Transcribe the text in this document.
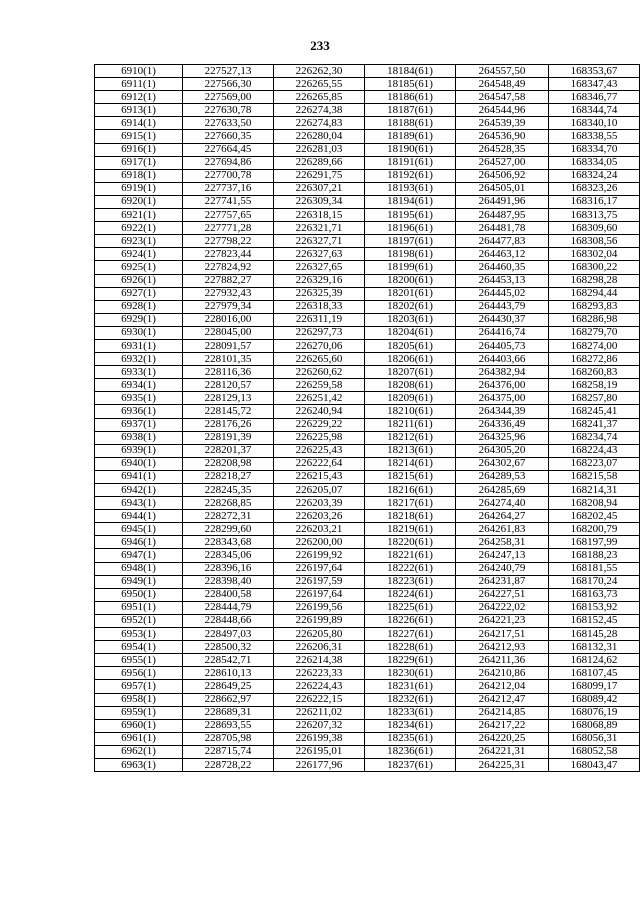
233
6910(1)	227527,13	226262,30	18184(61)	264557,50	168353,67
6911(1)	227566,30	226265,55	18185(61)	264548,49	168347,43
6912(1)	227569,00	226265,85	18186(61)	264547,58	168346,77
6913(1)	227630,78	226274,38	18187(61)	264544,96	168344,74
6914(1)	227633,50	226274,83	18188(61)	264539,39	168340,10
6915(1)	227660,35	226280,04	18189(61)	264536,90	168338,55
6916(1)	227664,45	226281,03	18190(61)	264528,35	168334,70
6917(1)	227694,86	226289,66	18191(61)	264527,00	168334,05
6918(1)	227700,78	226291,75	18192(61)	264506,92	168324,24
6919(1)	227737,16	226307,21	18193(61)	264505,01	168323,26
6920(1)	227741,55	226309,34	18194(61)	264491,96	168316,17
6921(1)	227757,65	226318,15	18195(61)	264487,95	168313,75
6922(1)	227771,28	226321,71	18196(61)	264481,78	168309,60
6923(1)	227798,22	226327,71	18197(61)	264477,83	168308,56
6924(1)	227823,44	226327,63	18198(61)	264463,12	168302,04
6925(1)	227824,92	226327,65	18199(61)	264460,35	168300,22
6926(1)	227882,27	226329,16	18200(61)	264453,13	168298,28
6927(1)	227932,43	226325,39	18201(61)	264445,02	168294,44
6928(1)	227979,34	226318,33	18202(61)	264443,79	168293,83
6929(1)	228016,00	226311,19	18203(61)	264430,37	168286,98
6930(1)	228045,00	226297,73	18204(61)	264416,74	168279,70
6931(1)	228091,57	226270,06	18205(61)	264405,73	168274,00
6932(1)	228101,35	226265,60	18206(61)	264403,66	168272,86
6933(1)	228116,36	226260,62	18207(61)	264382,94	168260,83
6934(1)	228120,57	226259,58	18208(61)	264376,00	168258,19
6935(1)	228129,13	226251,42	18209(61)	264375,00	168257,80
6936(1)	228145,72	226240,94	18210(61)	264344,39	168245,41
6937(1)	228176,26	226229,22	18211(61)	264336,49	168241,37
6938(1)	228191,39	226225,98	18212(61)	264325,96	168234,74
6939(1)	228201,37	226225,43	18213(61)	264305,20	168224,43
6940(1)	228208,98	226222,64	18214(61)	264302,67	168223,07
6941(1)	228218,27	226215,43	18215(61)	264289,53	168215,58
6942(1)	228245,35	226205,07	18216(61)	264285,69	168214,31
6943(1)	228268,85	226203,39	18217(61)	264274,40	168208,94
6944(1)	228272,31	226203,26	18218(61)	264264,27	168202,45
6945(1)	228299,60	226203,21	18219(61)	264261,83	168200,79
6946(1)	228343,68	226200,00	18220(61)	264258,31	168197,99
6947(1)	228345,06	226199,92	18221(61)	264247,13	168188,23
6948(1)	228396,16	226197,64	18222(61)	264240,79	168181,55
6949(1)	228398,40	226197,59	18223(61)	264231,87	168170,24
6950(1)	228400,58	226197,64	18224(61)	264227,51	168163,73
6951(1)	228444,79	226199,56	18225(61)	264222,02	168153,92
6952(1)	228448,66	226199,89	18226(61)	264221,23	168152,45
6953(1)	228497,03	226205,80	18227(61)	264217,51	168145,28
6954(1)	228500,32	226206,31	18228(61)	264212,93	168132,31
6955(1)	228542,71	226214,38	18229(61)	264211,36	168124,62
6956(1)	228610,13	226223,33	18230(61)	264210,86	168107,45
6957(1)	228649,25	226224,43	18231(61)	264212,04	168099,17
6958(1)	228662,97	226222,15	18232(61)	264212,47	168089,42
6959(1)	228689,31	226211,02	18233(61)	264214,85	168076,19
6960(1)	228693,55	226207,32	18234(61)	264217,22	168068,89
6961(1)	228705,98	226199,38	18235(61)	264220,25	168056,31
6962(1)	228715,74	226195,01	18236(61)	264221,31	168052,58
6963(1)	228728,22	226177,96	18237(61)	264225,31	168043,47
